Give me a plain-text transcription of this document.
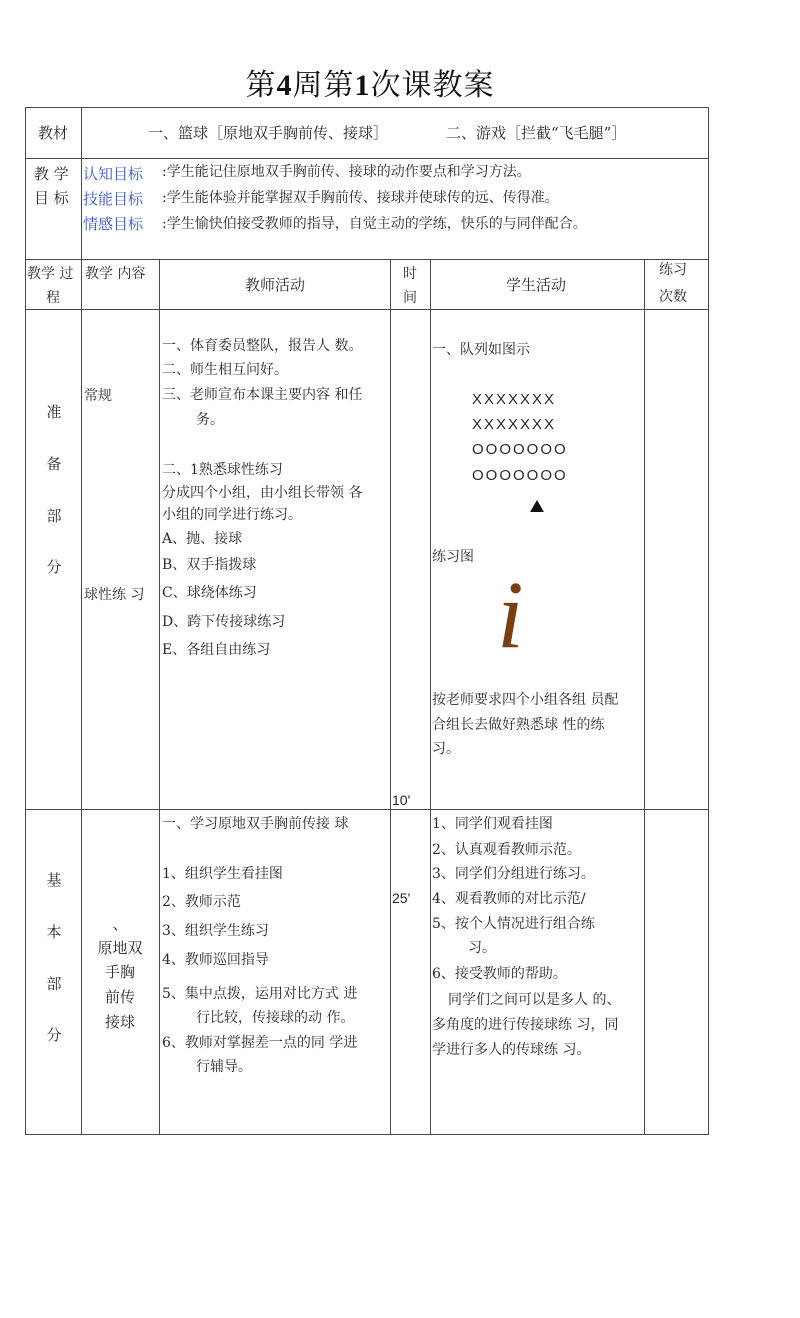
第4周第1次课教案
教材	一、篮球［原地双手胸前传、接球］	二、游戏［拦截“飞毛腿”］
教 学
目 标
认知目标 :学生能记住原地双手胸前传、接球的动作要点和学习方法。
技能目标 :学生能体验并能掌握双手胸前传、接球并使球传的远、传得准。
情感目标 :学生愉快伯接受教师的指导，自觉主动的学练，快乐的与同伴配合。
教学 过
程
教学 内容
教师活动
时
间
学生活动
练习
次数
准
备
部
分
常规
球性练 习
一、体育委员整队，报告人 数。
二、师生相互问好。
三、老师宣布本课主要内容 和任
务。
二、1熟悉球性练习
分成四个小组，由小组长带领 各
小组的同学进行练习。
A、抛、接球
B、双手指拨球
C、球绕体练习
D、跨下传接球练习
E、各组自由练习
10'
一、队列如图示
XXXXXXX
XXXXXXX
OOOOOOO
OOOOOOO
练习图
i
按老师要求四个小组各组 员配
合组长去做好熟悉球 性的练
习。
基
本
部
分
、
原地双
手胸
前传
接球
一、学习原地双手胸前传接 球
1、组织学生看挂图
2、教师示范
3、组织学生练习
4、教师巡回指导
5、集中点拨，运用对比方式 进
行比较，传接球的动 作。
6、教师对掌握差一点的同 学进
行辅导。
25'
1、同学们观看挂图
2、认真观看教师示范。
3、同学们分组进行练习。
4、观看教师的对比示范/
5、按个人情况进行组合练
习。
6、接受教师的帮助。
同学们之间可以是多人 的、
多角度的进行传接球练 习，同
学进行多人的传球练 习。
